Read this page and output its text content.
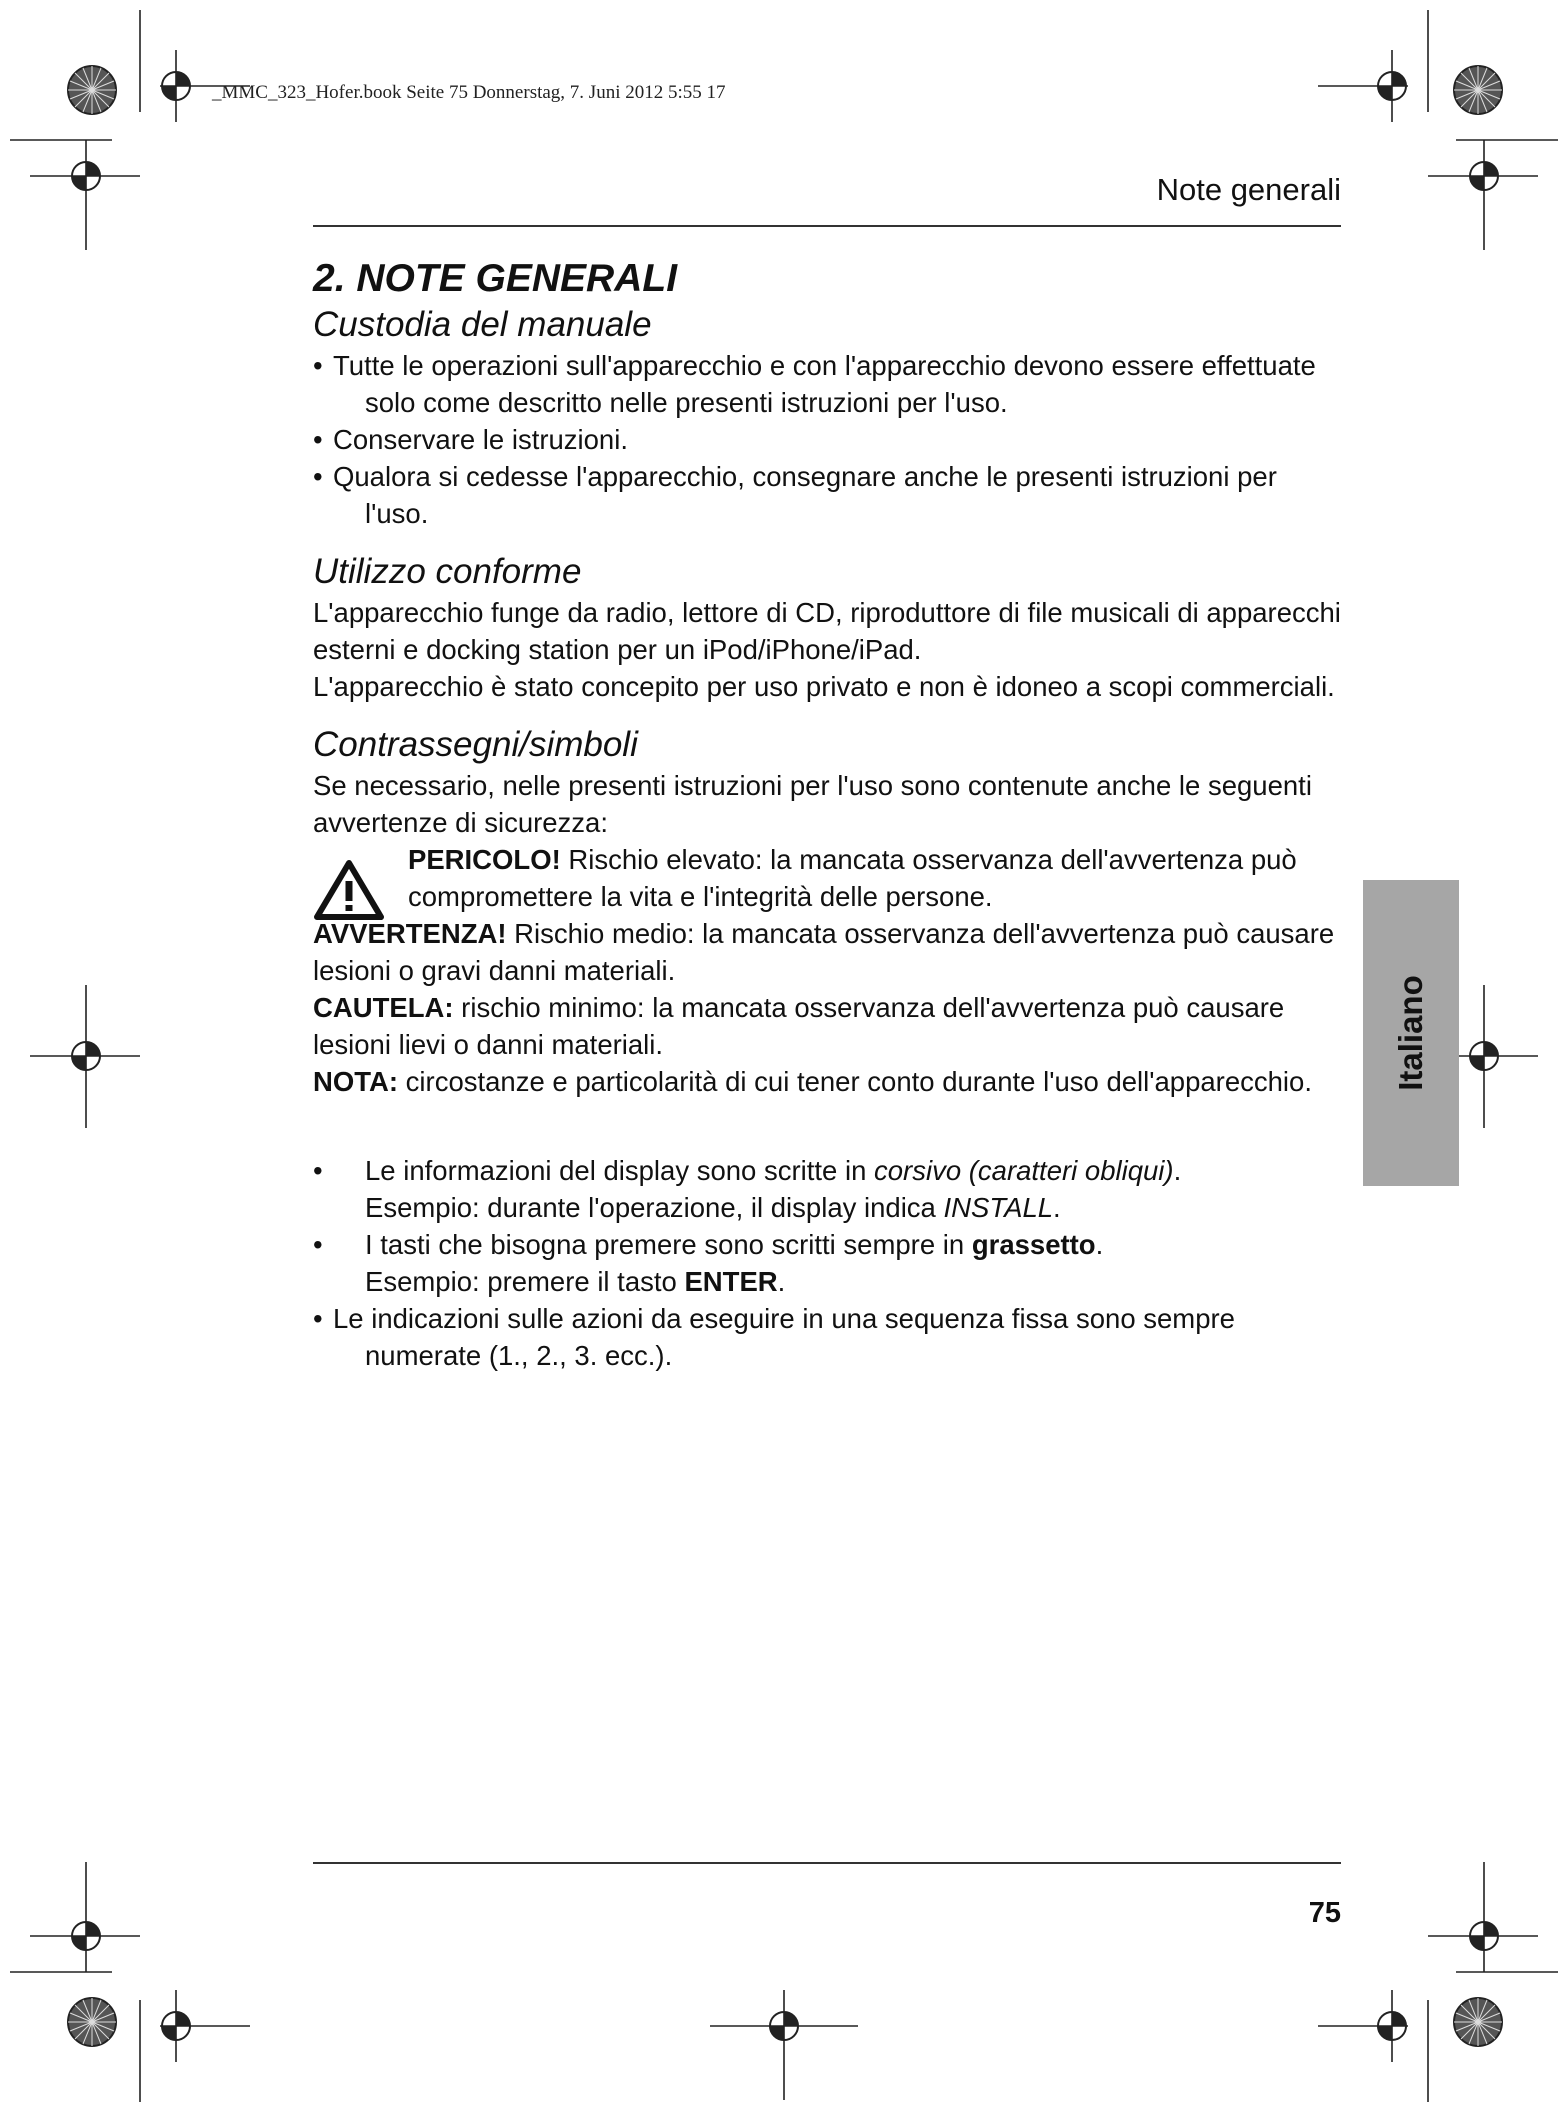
_MMC_323_Hofer.book Seite 75 Donnerstag, 7. Juni 2012 5:55 17
Note generali
Italiano

2. NOTE GENERALI

Custodia del manuale

• Tutte le operazioni sull'apparecchio e con l'apparecchio devono essere effettuate solo come descritto nelle presenti istruzioni per l'uso.

• Conservare le istruzioni.

• Qualora si cedesse l'apparecchio, consegnare anche le presenti istruzioni per l'uso.

Utilizzo conforme

L'apparecchio funge da radio, lettore di CD, riproduttore di file musicali di apparecchi esterni e docking station per un iPod/iPhone/iPad.

L'apparecchio è stato concepito per uso privato e non è idoneo a scopi commerciali.

Contrassegni/simboli

Se necessario, nelle presenti istruzioni per l'uso sono contenute anche le seguenti avvertenze di sicurezza:

PERICOLO! Rischio elevato: la mancata osservanza dell'avvertenza può compromettere la vita e l'integrità delle persone.

AVVERTENZA! Rischio medio: la mancata osservanza dell'avvertenza può causare lesioni o gravi danni materiali.

CAUTELA: rischio minimo: la mancata osservanza dell'avvertenza può causare lesioni lievi o danni materiali.

NOTA: circostanze e particolarità di cui tener conto durante l'uso dell'apparecchio.

• Le informazioni del display sono scritte in corsivo (caratteri obliqui).
Esempio: durante l'operazione, il display indica INSTALL.

• I tasti che bisogna premere sono scritti sempre in grassetto.
Esempio: premere il tasto ENTER.

• Le indicazioni sulle azioni da eseguire in una sequenza fissa sono sempre numerate (1., 2., 3. ecc.).

75
